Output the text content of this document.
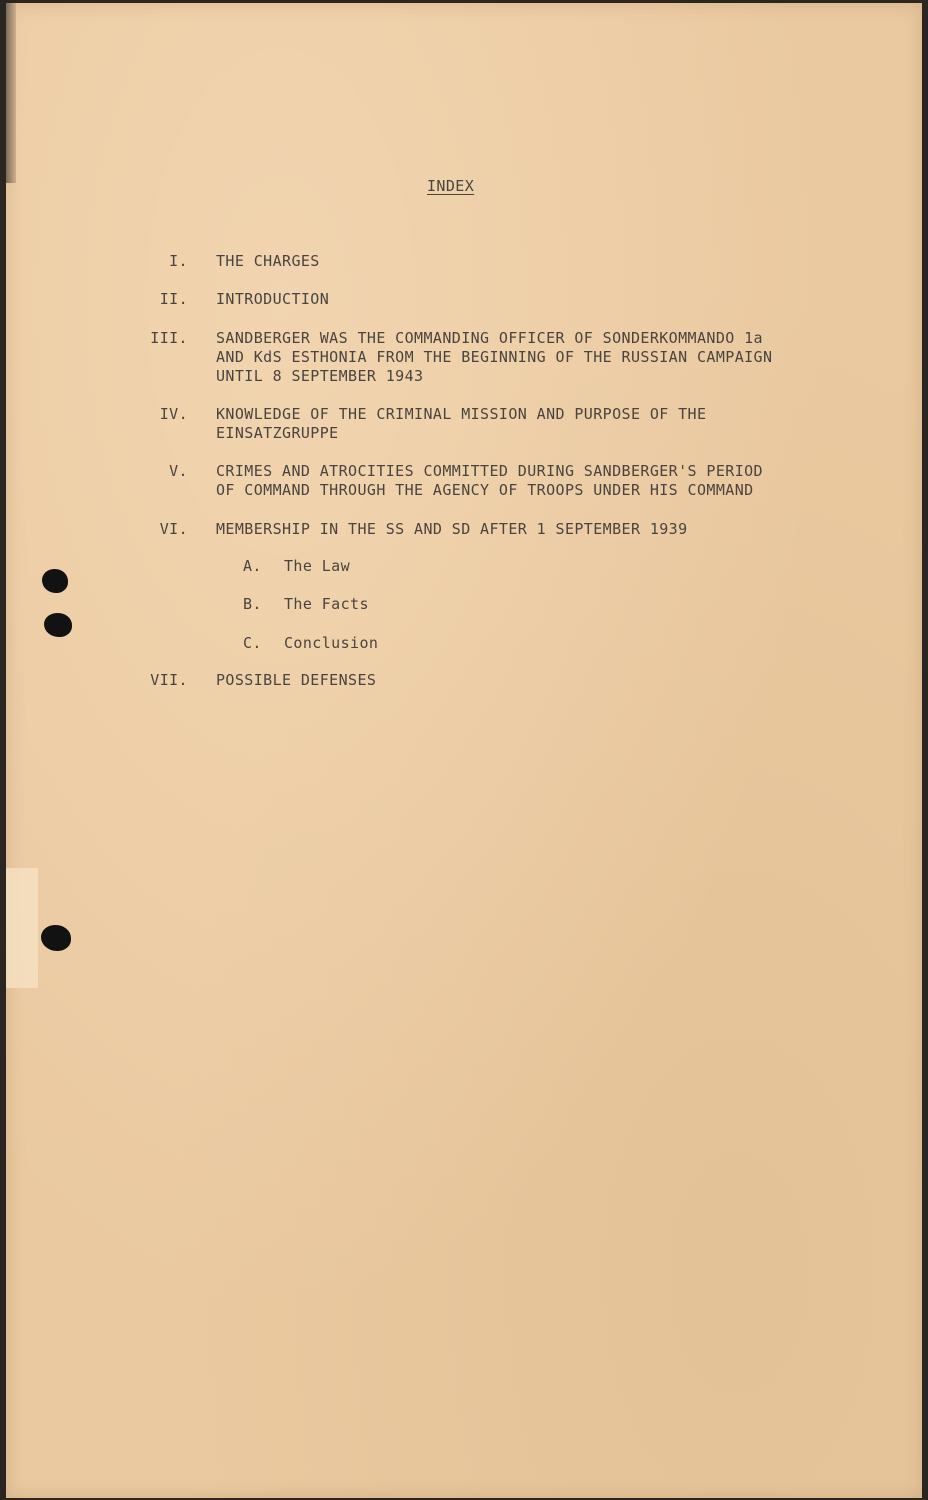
INDEX
I. THE CHARGES
II. INTRODUCTION
III. SANDBERGER WAS THE COMMANDING OFFICER OF SONDERKOMMANDO 1a
AND KdS ESTHONIA FROM THE BEGINNING OF THE RUSSIAN CAMPAIGN
UNTIL 8 SEPTEMBER 1943
IV. KNOWLEDGE OF THE CRIMINAL MISSION AND PURPOSE OF THE
EINSATZGRUPPE
V. CRIMES AND ATROCITIES COMMITTED DURING SANDBERGER'S PERIOD
OF COMMAND THROUGH THE AGENCY OF TROOPS UNDER HIS COMMAND
VI. MEMBERSHIP IN THE SS AND SD AFTER 1 SEPTEMBER 1939
A. The Law
B. The Facts
C. Conclusion
VII. POSSIBLE DEFENSES
